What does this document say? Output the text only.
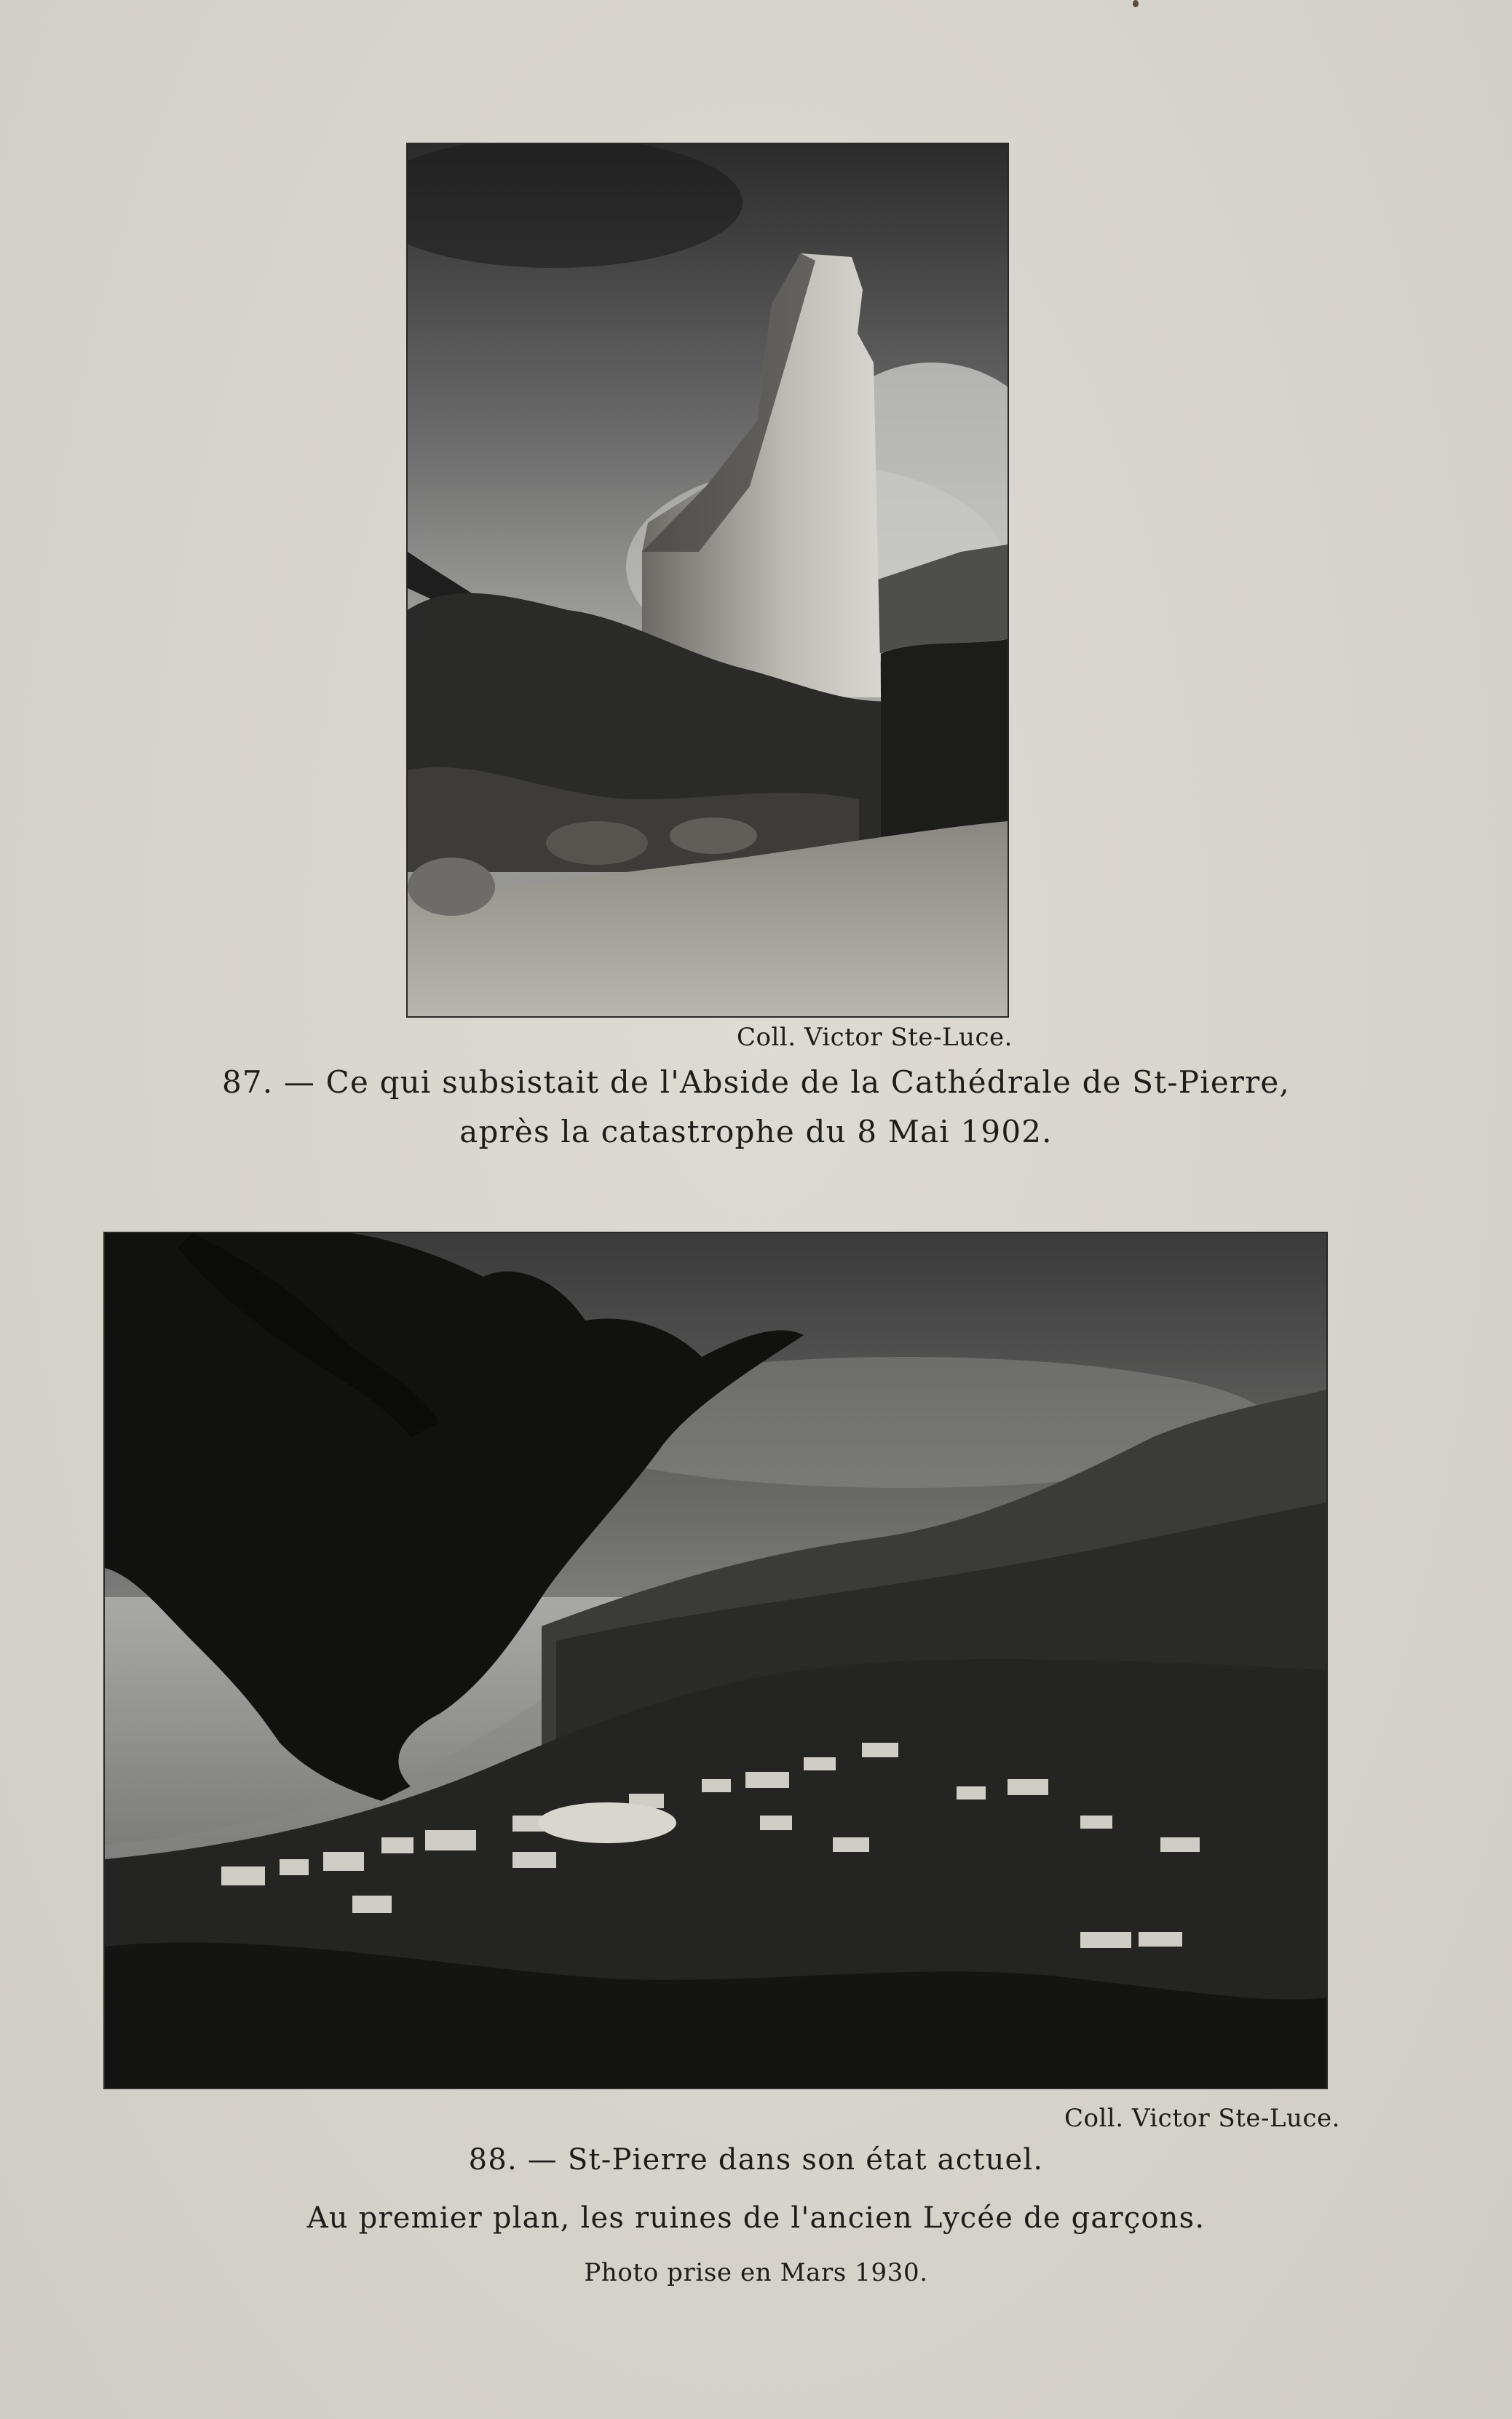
Coll. Victor Ste-Luce.
87. — Ce qui subsistait de l'Abside de la Cathédrale de St-Pierre,
après la catastrophe du 8 Mai 1902.
Coll. Victor Ste-Luce.
88. — St-Pierre dans son état actuel.
Au premier plan, les ruines de l'ancien Lycée de garçons.
Photo prise en Mars 1930.
